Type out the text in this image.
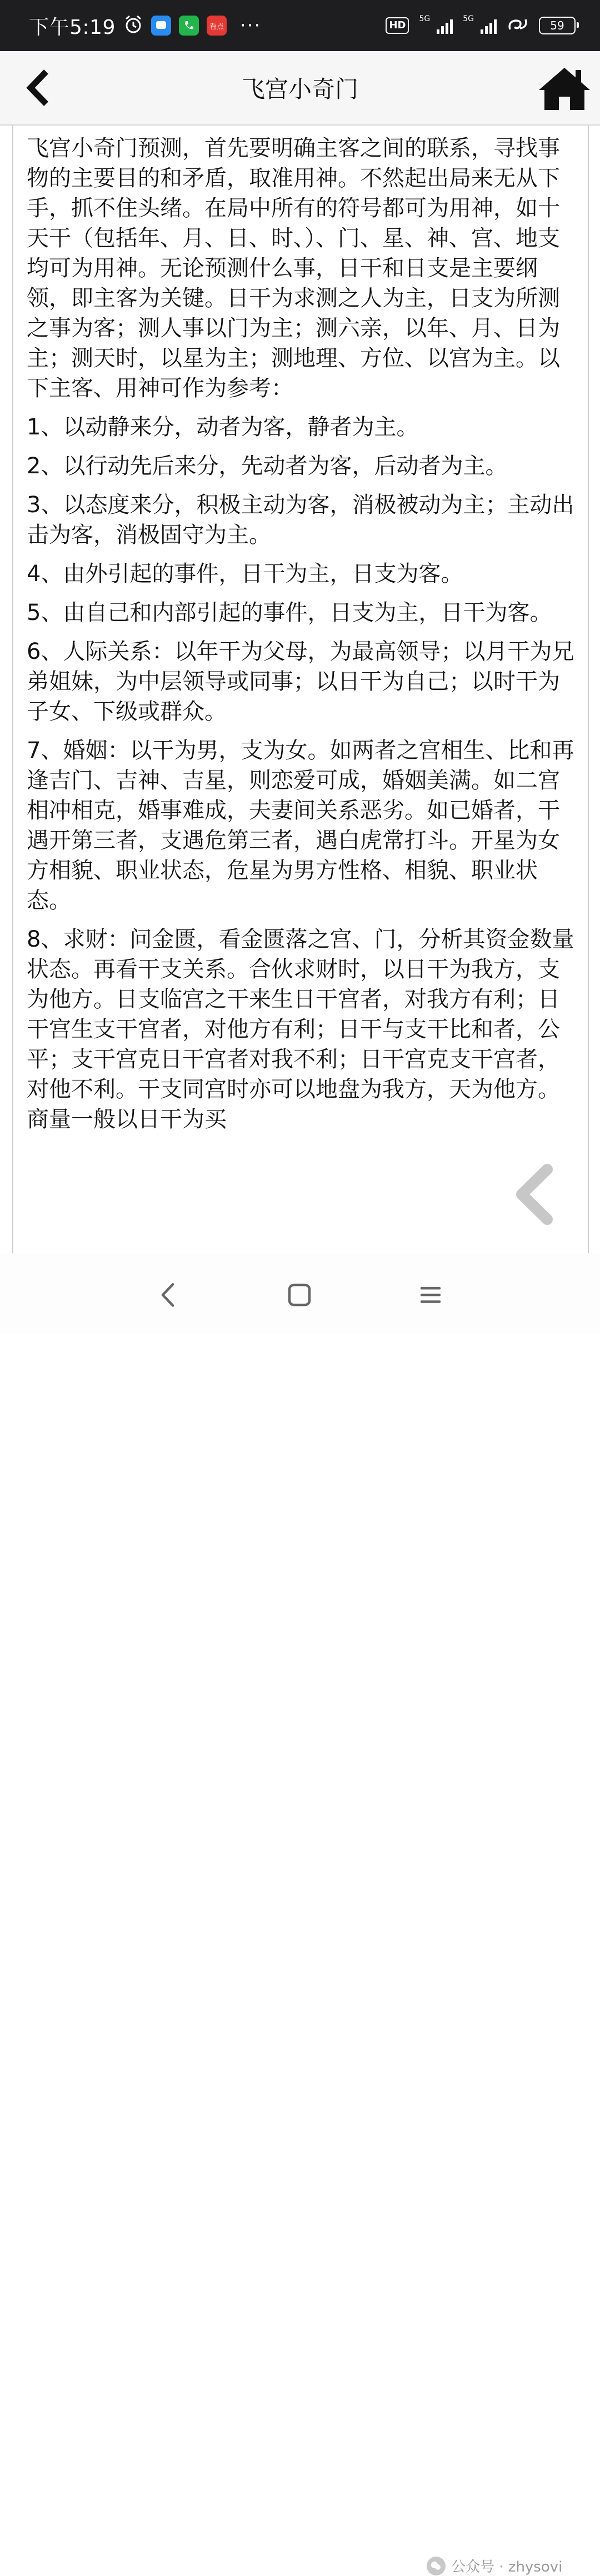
下午5:19	看点 ···	HD
5G	5G	59
飞宫小奇门

飞宫小奇门预测，首先要明确主客之间的联系，寻找事物的主要目的和矛盾，取准用神。不然起出局来无从下手，抓不住头绪。在局中所有的符号都可为用神，如十天干（包括年、月、日、时、）、门、星、神、宫、地支均可为用神。无论预测什么事，日干和日支是主要纲领，即主客为关键。日干为求测之人为主，日支为所测之事为客；测人事以门为主；测六亲，以年、月、日为主；测天时，以星为主；测地理、方位、以宫为主。以下主客、用神可作为参考：

1、以动静来分，动者为客，静者为主。

2、以行动先后来分，先动者为客，后动者为主。

3、以态度来分，积极主动为客，消极被动为主；主动出击为客，消极固守为主。

4、由外引起的事件，日干为主，日支为客。

5、由自己和内部引起的事件，日支为主，日干为客。

6、人际关系：以年干为父母，为最高领导；以月干为兄弟姐妹，为中层领导或同事；以日干为自己；以时干为子女、下级或群众。

7、婚姻：以干为男，支为女。如两者之宫相生、比和再逢吉门、吉神、吉星，则恋爱可成，婚姻美满。如二宫相冲相克，婚事难成，夫妻间关系恶劣。如已婚者，干遇开第三者，支遇危第三者，遇白虎常打斗。开星为女方相貌、职业状态，危星为男方性格、相貌、职业状态。

8、求财：问金匮，看金匮落之宫、门，分析其资金数量状态。再看干支关系。合伙求财时，以日干为我方，支为他方。日支临宫之干来生日干宫者，对我方有利；日干宫生支干宫者，对他方有利；日干与支干比和者，公平；支干宫克日干宫者对我不利；日干宫克支干宫者，对他不利。干支同宫时亦可以地盘为我方，天为他方。商量一般以日干为买

公众号 · zhysovi
